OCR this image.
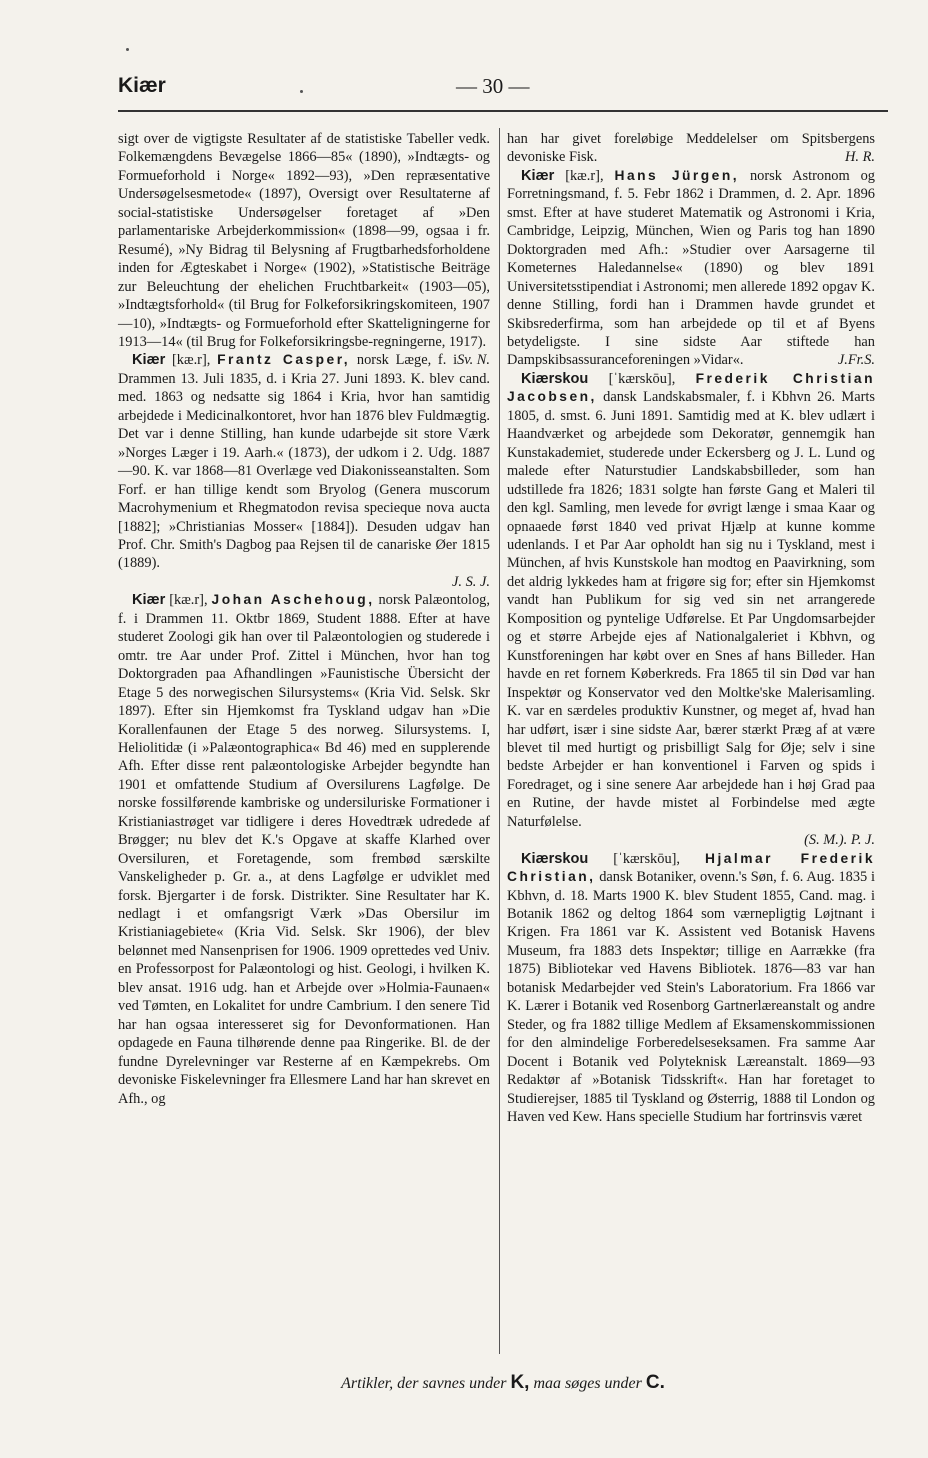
Kiær	— 30 —

sigt over de vigtigste Resultater af de statistiske Tabeller vedk. Folkemængdens Bevægelse 1866—85« (1890), »Indtægts- og Formueforhold i Norge« 1892—93), »Den repræsentative Undersøgelsesmetode« (1897), Oversigt over Resultaterne af social-statistiske Undersøgelser foretaget af »Den parlamentariske Arbejderkommission« (1898—99, ogsaa i fr. Resumé), »Ny Bidrag til Belysning af Frugtbarhedsforholdene inden for Ægteskabet i Norge« (1902), »Statistische Beiträge zur Beleuchtung der ehelichen Fruchtbarkeit« (1903—05), »Indtægtsforhold« (til Brug for Folkeforsikringskomiteen, 1907—10), »Indtægts- og Formueforhold efter Skatteligningerne for 1913—14« (til Brug for Folkeforsikringsbe-regningerne, 1917).
Sv. N.

Kiær [kæ.r], Frantz Casper, norsk Læge, f. i Drammen 13. Juli 1835, d. i Kria 27. Juni 1893. K. blev cand. med. 1863 og nedsatte sig 1864 i Kria, hvor han samtidig arbejdede i Medicinalkontoret, hvor han 1876 blev Fuldmægtig. Det var i denne Stilling, han kunde udarbejde sit store Værk »Norges Læger i 19. Aarh.« (1873), der udkom i 2. Udg. 1887—90. K. var 1868—81 Overlæge ved Diakonisseanstalten. Som Forf. er han tillige kendt som Bryolog (Genera muscorum Macrohymenium et Rhegmatodon revisa specieque nova aucta [1882]; »Christianias Mosser« [1884]). Desuden udgav han Prof. Chr. Smith's Dagbog paa Rejsen til de canariske Øer 1815 (1889).
J. S. J.

Kiær [kæ.r], Johan Aschehoug, norsk Palæontolog, f. i Drammen 11. Oktbr 1869, Student 1888. Efter at have studeret Zoologi gik han over til Palæontologien og studerede i omtr. tre Aar under Prof. Zittel i München, hvor han tog Doktorgraden paa Afhandlingen »Faunistische Übersicht der Etage 5 des norwegischen Silursystems« (Kria Vid. Selsk. Skr 1897). Efter sin Hjemkomst fra Tyskland udgav han »Die Korallenfaunen der Etage 5 des norweg. Silursystems. I, Heliolitidæ (i »Palæontographica« Bd 46) med en supplerende Afh. Efter disse rent palæontologiske Arbejder begyndte han 1901 et omfattende Studium af Oversilurens Lagfølge. De norske fossilførende kambriske og undersiluriske Formationer i Kristianiastrøget var tidligere i deres Hovedtræk udredede af Brøgger; nu blev det K.'s Opgave at skaffe Klarhed over Oversiluren, et Foretagende, som frembød særskilte Vanskeligheder p. Gr. a., at dens Lagfølge er udviklet med forsk. Bjergarter i de forsk. Distrikter. Sine Resultater har K. nedlagt i et omfangsrigt Værk »Das Obersilur im Kristianiagebiete« (Kria Vid. Selsk. Skr 1906), der blev belønnet med Nansenprisen for 1906. 1909 oprettedes ved Univ. en Professorpost for Palæontologi og hist. Geologi, i hvilken K. blev ansat. 1916 udg. han et Arbejde over »Holmia-Faunaen« ved Tømten, en Lokalitet for undre Cambrium. I den senere Tid har han ogsaa interesseret sig for Devonformationen. Han opdagede en Fauna tilhørende denne paa Ringerike. Bl. de der fundne Dyrelevninger var Resterne af en Kæmpekrebs. Om devoniske Fiskelevninger fra Ellesmere Land har han skrevet en Afh., og

han har givet foreløbige Meddelelser om Spitsbergens devoniske Fisk.	H. R.

Kiær [kæ.r], Hans Jürgen, norsk Astronom og Forretningsmand, f. 5. Febr 1862 i Drammen, d. 2. Apr. 1896 smst. Efter at have studeret Matematik og Astronomi i Kria, Cambridge, Leipzig, München, Wien og Paris tog han 1890 Doktorgraden med Afh.: »Studier over Aarsagerne til Kometernes Haledannelse« (1890) og blev 1891 Universitetsstipendiat i Astronomi; men allerede 1892 opgav K. denne Stilling, fordi han i Drammen havde grundet et Skibsrederfirma, som han arbejdede op til et af Byens betydeligste. I sine sidste Aar stiftede han Dampskibsassuranceforeningen »Vidar«.	J.Fr.S.

Kiærskou [ˈkærskōu], Frederik Christian Jacobsen, dansk Landskabsmaler, f. i Kbhvn 26. Marts 1805, d. smst. 6. Juni 1891. Samtidig med at K. blev udlært i Haandværket og arbejdede som Dekoratør, gennemgik han Kunstakademiet, studerede under Eckersberg og J. L. Lund og malede efter Naturstudier Landskabsbilleder, som han udstillede fra 1826; 1831 solgte han første Gang et Maleri til den kgl. Samling, men levede for øvrigt længe i smaa Kaar og opnaaede først 1840 ved privat Hjælp at kunne komme udenlands. I et Par Aar opholdt han sig nu i Tyskland, mest i München, af hvis Kunstskole han modtog en Paavirkning, som det aldrig lykkedes ham at frigøre sig for; efter sin Hjemkomst vandt han Publikum for sig ved sin net arrangerede Komposition og pyntelige Udførelse. Et Par Ungdomsarbejder og et større Arbejde ejes af Nationalgaleriet i Kbhvn, og Kunstforeningen har købt over en Snes af hans Billeder. Han havde en ret fornem Køberkreds. Fra 1865 til sin Død var han Inspektør og Konservator ved den Moltke'ske Malerisamling. K. var en særdeles produktiv Kunstner, og meget af, hvad han har udført, især i sine sidste Aar, bærer stærkt Præg af at være blevet til med hurtigt og prisbilligt Salg for Øje; selv i sine bedste Arbejder er han konventionel i Farven og spids i Foredraget, og i sine senere Aar arbejdede han i høj Grad paa en Rutine, der havde mistet al Forbindelse med ægte Naturfølelse.
(S. M.). P. J.

Kiærskou [ˈkærskōu], Hjalmar Frederik Christian, dansk Botaniker, ovenn.'s Søn, f. 6. Aug. 1835 i Kbhvn, d. 18. Marts 1900 K. blev Student 1855, Cand. mag. i Botanik 1862 og deltog 1864 som værnepligtig Løjtnant i Krigen. Fra 1861 var K. Assistent ved Botanisk Havens Museum, fra 1883 dets Inspektør; tillige en Aarrække (fra 1875) Bibliotekar ved Havens Bibliotek. 1876—83 var han botanisk Medarbejder ved Stein's Laboratorium. Fra 1866 var K. Lærer i Botanik ved Rosenborg Gartnerlæreanstalt og andre Steder, og fra 1882 tillige Medlem af Eksamenskommissionen for den almindelige Forberedelseseksamen. Fra samme Aar Docent i Botanik ved Polyteknisk Læreanstalt. 1869—93 Redaktør af »Botanisk Tidsskrift«. Han har foretaget to Studierejser, 1885 til Tyskland og Østerrig, 1888 til London og Haven ved Kew. Hans specielle Studium har fortrinsvis været

Artikler, der savnes under K, maa søges under C.
